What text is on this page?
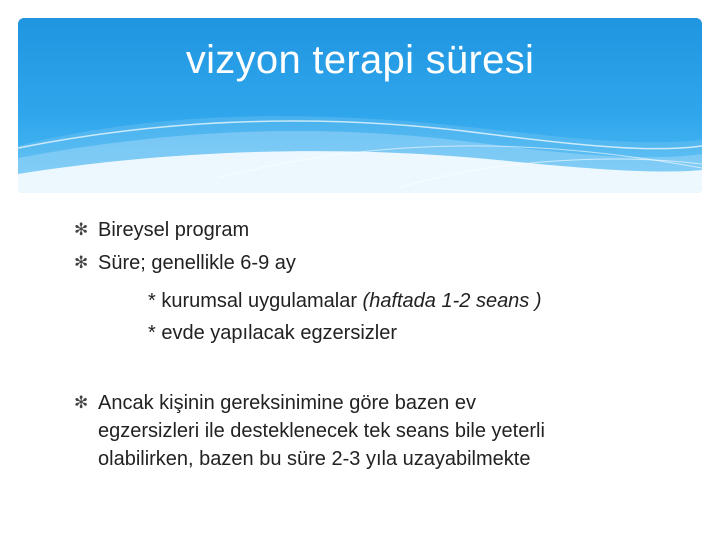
vizyon terapi süresi
✻ Bireysel program
✻ Süre; genellikle 6-9 ay
* kurumsal uygulamalar (haftada 1-2 seans )
* evde yapılacak egzersizler
✻ Ancak kişinin gereksinimine göre bazen ev
egzersizleri ile desteklenecek tek seans bile yeterli
olabilirken, bazen bu süre 2-3 yıla uzayabilmekte
